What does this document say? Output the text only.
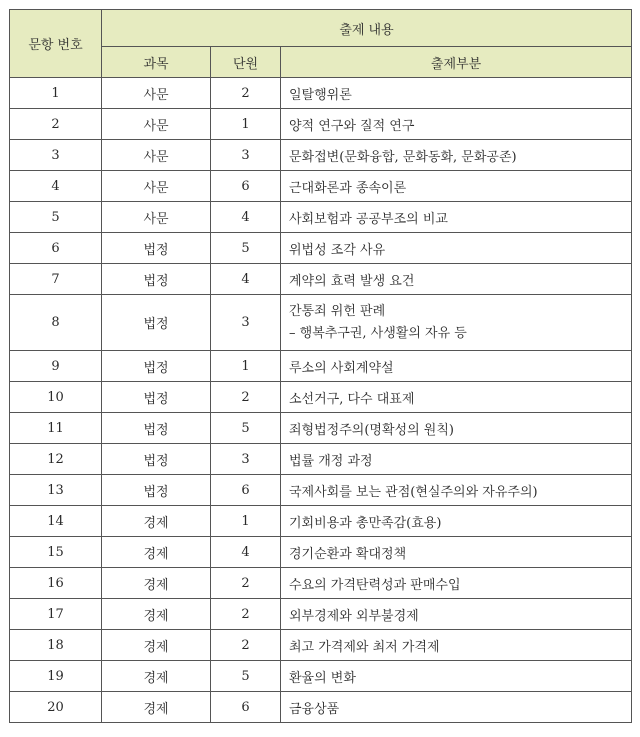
문항 번호	출제 내용		
	과목	단원	출제부분
1	사문	2	일탈행위론
2	사문	1	양적 연구와 질적 연구
3	사문	3	문화접변(문화융합, 문화동화, 문화공존)
4	사문	6	근대화론과 종속이론
5	사문	4	사회보험과 공공부조의 비교
6	법정	5	위법성 조각 사유
7	법정	4	계약의 효력 발생 요건
8	법정	3	간통죄 위헌 판례
– 행복추구권, 사생활의 자유 등

9	법정	1	루소의 사회계약설
10	법정	2	소선거구, 다수 대표제
11	법정	5	죄형법정주의(명확성의 원칙)
12	법정	3	법률 개정 과정
13	법정	6	국제사회를 보는 관점(현실주의와 자유주의)
14	경제	1	기회비용과 총만족감(효용)
15	경제	4	경기순환과 확대정책
16	경제	2	수요의 가격탄력성과 판매수입
17	경제	2	외부경제와 외부불경제
18	경제	2	최고 가격제와 최저 가격제
19	경제	5	환율의 변화
20	경제	6	금융상품
